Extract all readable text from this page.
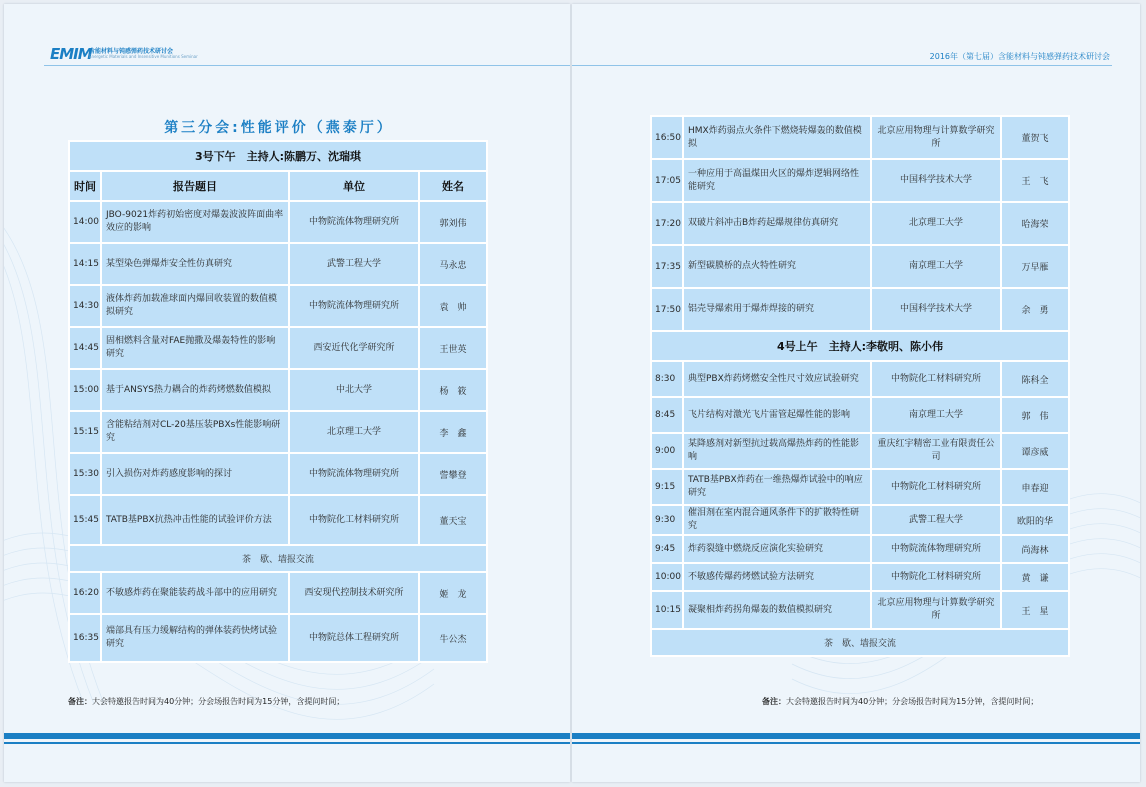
EMIM
含能材料与钝感弹药技术研讨会
Energetic Materials and Insensitive Munitions Seminar
第三分会:性能评价（燕泰厅）
3号下午　主持人:陈鹏万、沈瑞琪			
时间	报告题目	单位	姓名
14:00	JBO-9021炸药初始密度对爆轰波波阵面曲率效应的影响	中物院流体物理研究所	郭刘伟
14:15	某型染色弹爆炸安全性仿真研究	武警工程大学	马永忠
14:30	液体炸药加载准球面内爆回收装置的数值模拟研究	中物院流体物理研究所	袁　帅
14:45	固相燃料含量对FAE抛撒及爆轰特性的影响研究	西安近代化学研究所	王世英
15:00	基于ANSYS热力耦合的炸药烤燃数值模拟	中北大学	杨　筱
15:15	含能粘结剂对CL-20基压装PBXs性能影响研究	北京理工大学	李　鑫
15:30	引入损伤对炸药感度影响的探讨	中物院流体物理研究所	訾攀登
15:45	TATB基PBX抗热冲击性能的试验评价方法	中物院化工材料研究所	董天宝
茶　歇、墙报交流			
16:20	不敏感炸药在聚能装药战斗部中的应用研究	西安现代控制技术研究所	姬　龙
16:35	端部具有压力缓解结构的弹体装药快烤试验研究	中物院总体工程研究所	牛公杰
备注：大会特邀报告时间为40分钟；分会场报告时间为15分钟，含提问时间；
2016年（第七届）含能材料与钝感弹药技术研讨会
16:50	HMX炸药弱点火条件下燃烧转爆轰的数值模拟	北京应用物理与计算数学研究所	董贺飞
17:05	一种应用于高温煤田火区的爆炸逻辑网络性能研究	中国科学技术大学	王　飞
17:20	双破片斜冲击B炸药起爆规律仿真研究	北京理工大学	哈海荣
17:35	新型碳膜桥的点火特性研究	南京理工大学	万早雁
17:50	铝壳导爆索用于爆炸焊接的研究	中国科学技术大学	余　勇
4号上午　主持人:李敬明、陈小伟			
8:30	典型PBX炸药烤燃安全性尺寸效应试验研究	中物院化工材料研究所	陈科全
8:45	飞片结构对激光飞片雷管起爆性能的影响	南京理工大学	郭　伟
9:00	某降感剂对新型抗过载高爆热炸药的性能影响	重庆红宇精密工业有限责任公司	谭彦威
9:15	TATB基PBX炸药在一维热爆炸试验中的响应研究	中物院化工材料研究所	申春迎
9:30	催泪剂在室内混合通风条件下的扩散特性研究	武警工程大学	欧阳的华
9:45	炸药裂缝中燃烧反应演化实验研究	中物院流体物理研究所	尚海林
10:00	不敏感传爆药烤燃试验方法研究	中物院化工材料研究所	黄　谦
10:15	凝聚相炸药拐角爆轰的数值模拟研究	北京应用物理与计算数学研究所	王　星
茶　歇、墙报交流			
备注：大会特邀报告时间为40分钟；分会场报告时间为15分钟，含提问时间；
